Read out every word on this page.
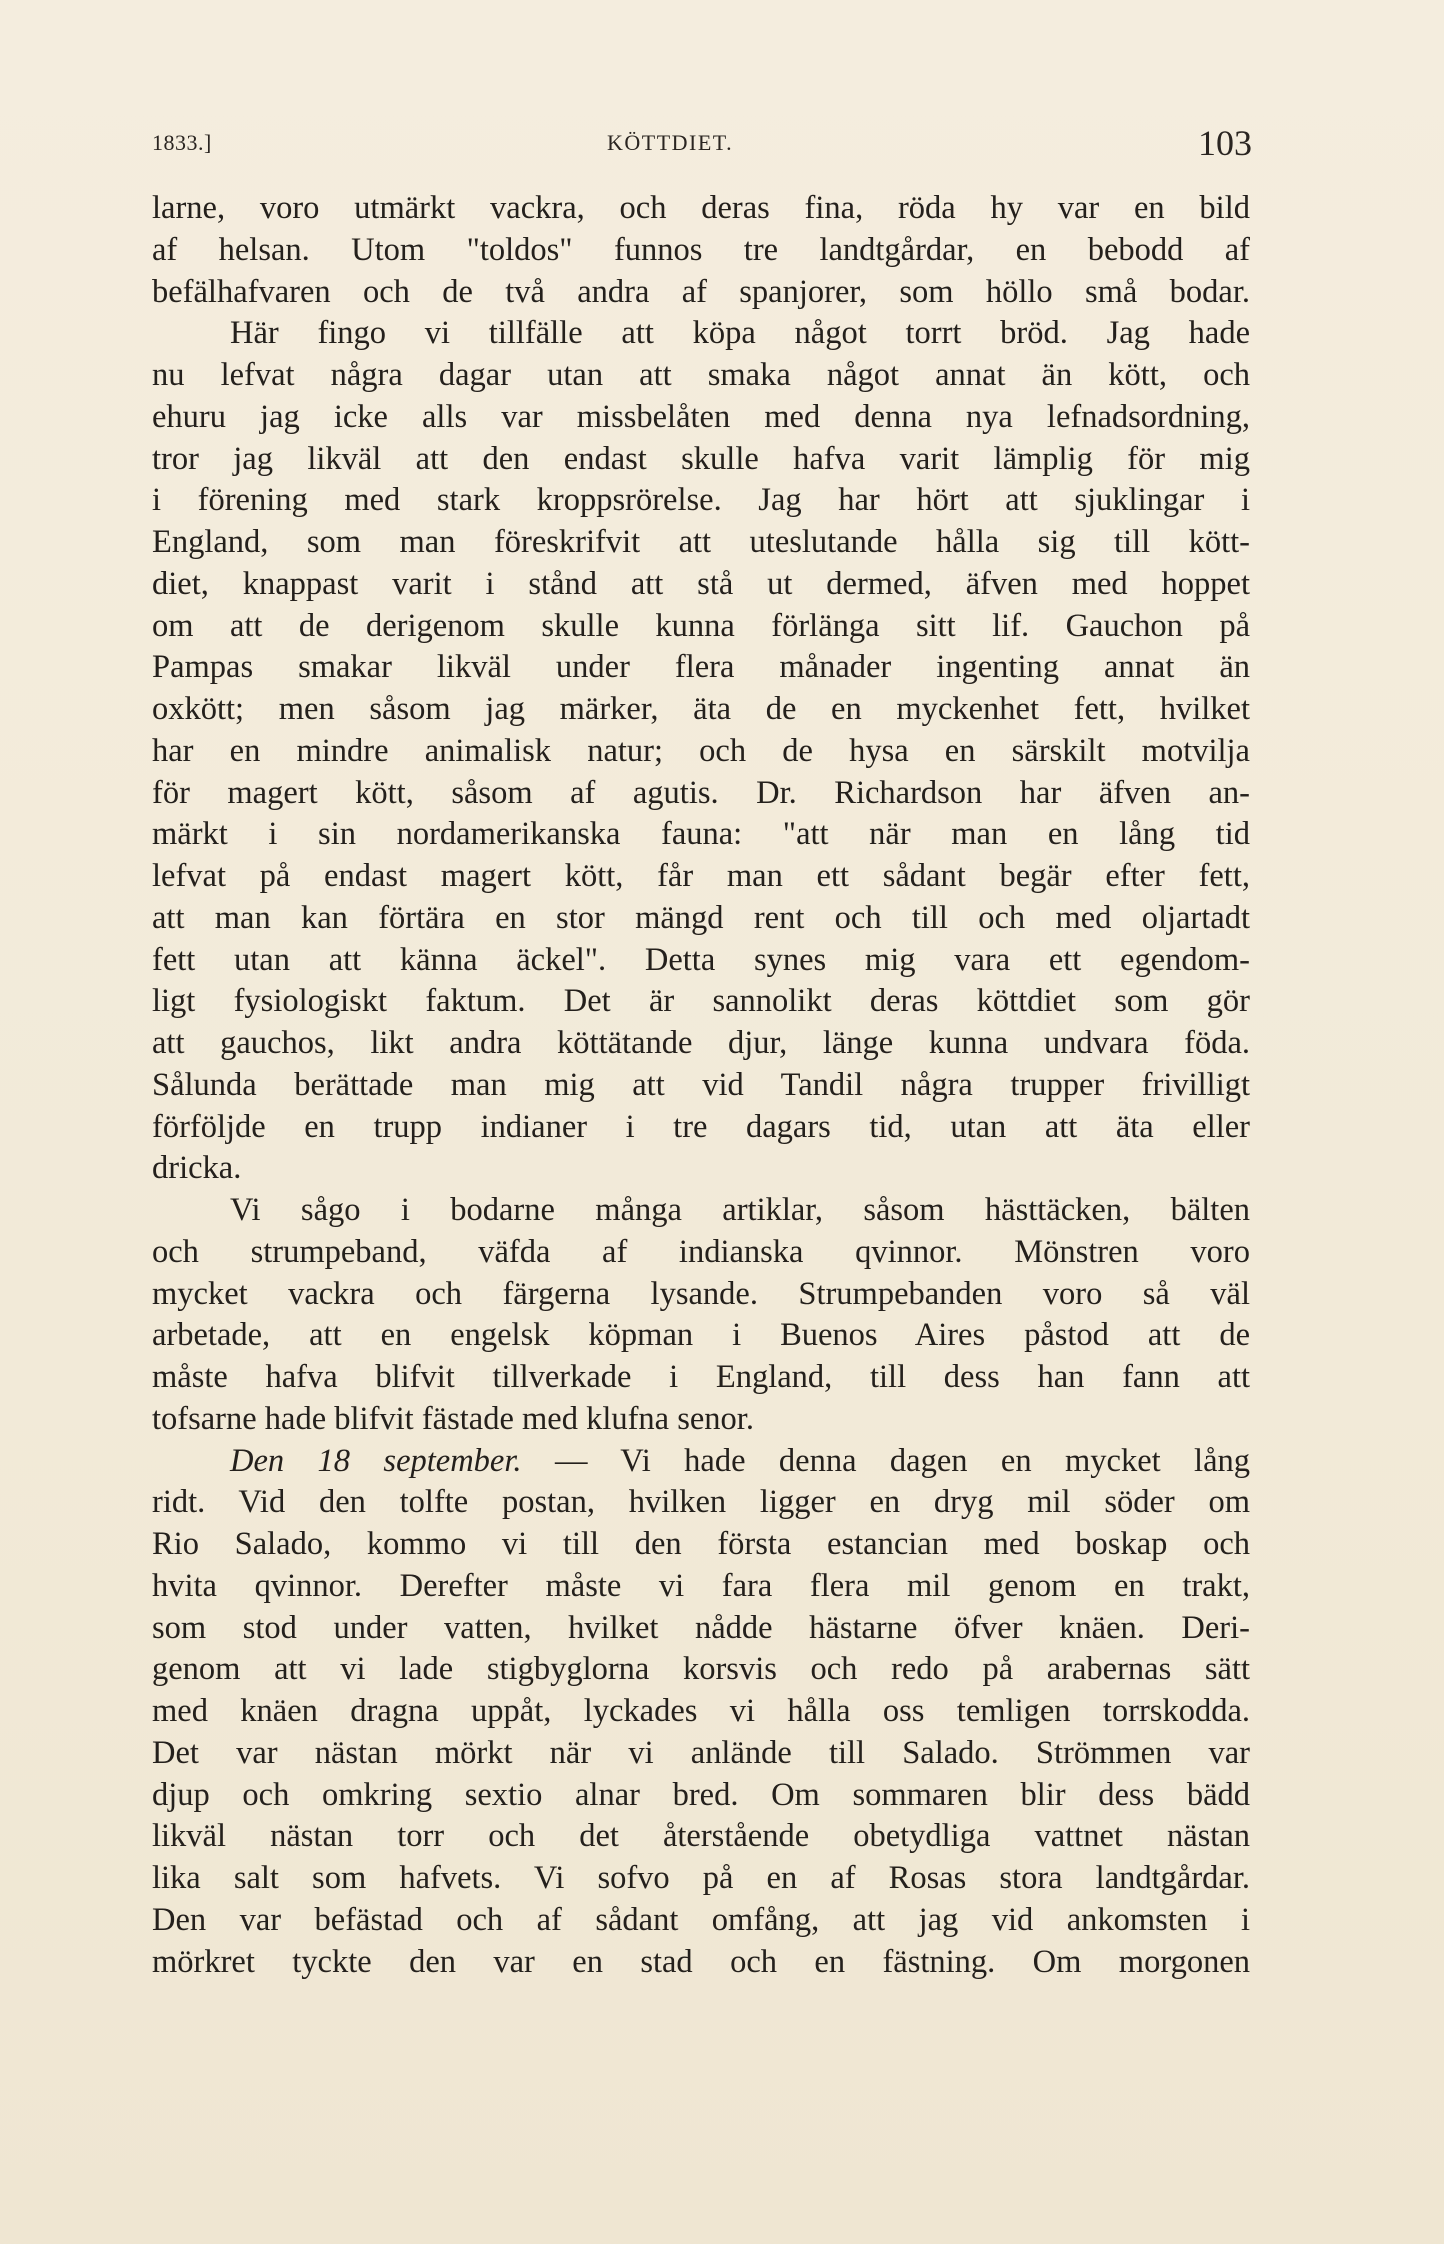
1833.]	KÖTTDIET.	103
larne, voro utmärkt vackra, och deras fina, röda hy var en bild
af helsan. Utom "toldos" funnos tre landtgårdar, en bebodd af
befälhafvaren och de två andra af spanjorer, som höllo små bodar.
Här fingo vi tillfälle att köpa något torrt bröd. Jag hade
nu lefvat några dagar utan att smaka något annat än kött, och
ehuru jag icke alls var missbelåten med denna nya lefnadsordning,
tror jag likväl att den endast skulle hafva varit lämplig för mig
i förening med stark kroppsrörelse. Jag har hört att sjuklingar i
England, som man föreskrifvit att uteslutande hålla sig till kött-
diet, knappast varit i stånd att stå ut dermed, äfven med hoppet
om att de derigenom skulle kunna förlänga sitt lif. Gauchon på
Pampas smakar likväl under flera månader ingenting annat än
oxkött; men såsom jag märker, äta de en myckenhet fett, hvilket
har en mindre animalisk natur; och de hysa en särskilt motvilja
för magert kött, såsom af agutis. Dr. Richardson har äfven an-
märkt i sin nordamerikanska fauna: "att när man en lång tid
lefvat på endast magert kött, får man ett sådant begär efter fett,
att man kan förtära en stor mängd rent och till och med oljartadt
fett utan att känna äckel". Detta synes mig vara ett egendom-
ligt fysiologiskt faktum. Det är sannolikt deras köttdiet som gör
att gauchos, likt andra köttätande djur, länge kunna undvara föda.
Sålunda berättade man mig att vid Tandil några trupper frivilligt
förföljde en trupp indianer i tre dagars tid, utan att äta eller
dricka.
Vi sågo i bodarne många artiklar, såsom hästtäcken, bälten
och strumpeband, väfda af indianska qvinnor. Mönstren voro
mycket vackra och färgerna lysande. Strumpebanden voro så väl
arbetade, att en engelsk köpman i Buenos Aires påstod att de
måste hafva blifvit tillverkade i England, till dess han fann att
tofsarne hade blifvit fästade med klufna senor.
Den 18 september. — Vi hade denna dagen en mycket lång
ridt. Vid den tolfte postan, hvilken ligger en dryg mil söder om
Rio Salado, kommo vi till den första estancian med boskap och
hvita qvinnor. Derefter måste vi fara flera mil genom en trakt,
som stod under vatten, hvilket nådde hästarne öfver knäen. Deri-
genom att vi lade stigbyglorna korsvis och redo på arabernas sätt
med knäen dragna uppåt, lyckades vi hålla oss temligen torrskodda.
Det var nästan mörkt när vi anlände till Salado. Strömmen var
djup och omkring sextio alnar bred. Om sommaren blir dess bädd
likväl nästan torr och det återstående obetydliga vattnet nästan
lika salt som hafvets. Vi sofvo på en af Rosas stora landtgårdar.
Den var befästad och af sådant omfång, att jag vid ankomsten i
mörkret tyckte den var en stad och en fästning. Om morgonen
